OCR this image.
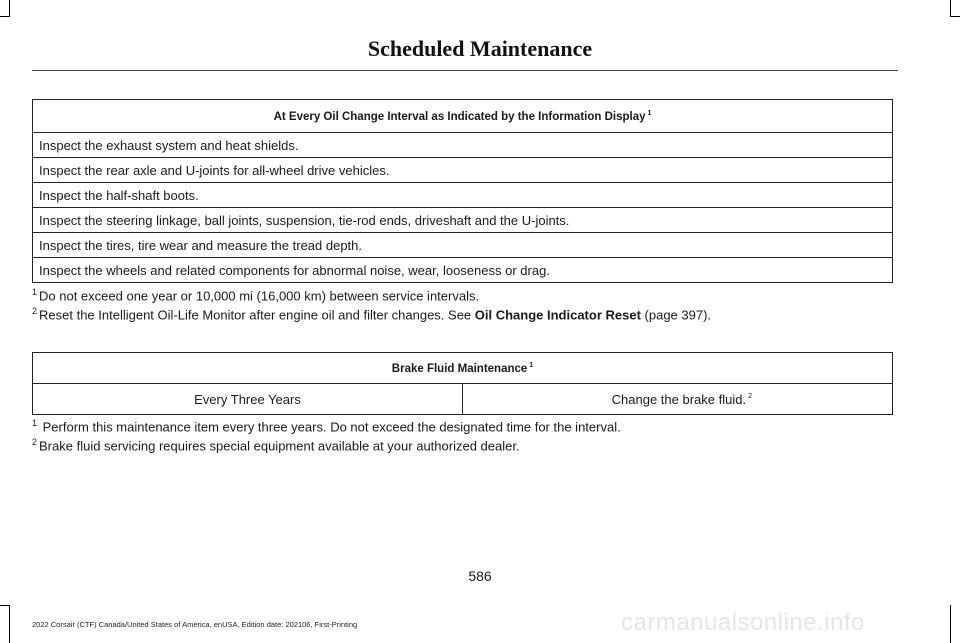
Scheduled Maintenance
At Every Oil Change Interval as Indicated by the Information Display $^1$
Inspect the exhaust system and heat shields.
Inspect the rear axle and U-joints for all-wheel drive vehicles.
Inspect the half-shaft boots.
Inspect the steering linkage, ball joints, suspension, tie-rod ends, driveshaft and the U-joints.
Inspect the tires, tire wear and measure the tread depth.
Inspect the wheels and related components for abnormal noise, wear, looseness or drag.
$^1$ Do not exceed one year or 10,000 mi (16,000 km) between service intervals.
$^2$ Reset the Intelligent Oil-Life Monitor after engine oil and filter changes. See Oil Change Indicator Reset (page 397).
Brake Fluid Maintenance $^1$
Every Three Years	Change the brake fluid. $^2$
$^1$ Perform this maintenance item every three years. Do not exceed the designated time for the interval.
$^2$ Brake fluid servicing requires special equipment available at your authorized dealer.
586
2022 Corsair (CTF) Canada/United States of America, enUSA, Edition date: 202106, First-Printing	carmanualsonline.info
